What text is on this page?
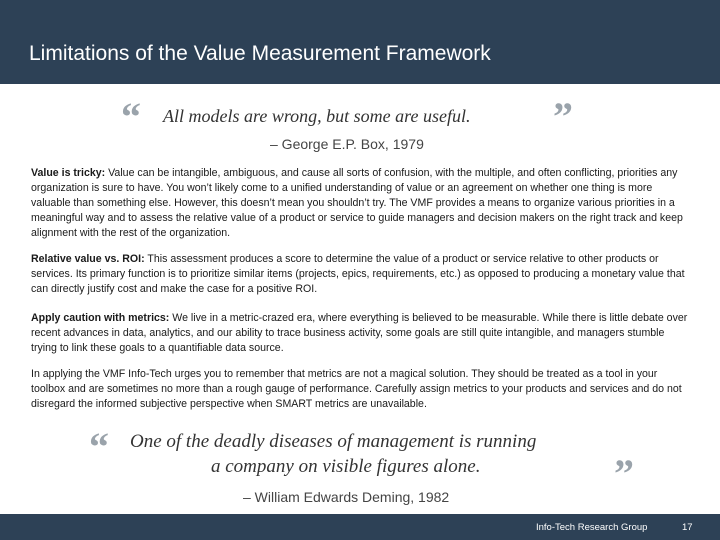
Limitations of the Value Measurement Framework
“ All models are wrong, but some are useful. ”
– George E.P. Box, 1979
Value is tricky: Value can be intangible, ambiguous, and cause all sorts of confusion, with the multiple, and often conflicting, priorities any organization is sure to have. You won’t likely come to a unified understanding of value or an agreement on whether one thing is more valuable than something else. However, this doesn’t mean you shouldn’t try. The VMF provides a means to organize various priorities in a meaningful way and to assess the relative value of a product or service to guide managers and decision makers on the right track and keep alignment with the rest of the organization.
Relative value vs. ROI: This assessment produces a score to determine the value of a product or service relative to other products or services. Its primary function is to prioritize similar items (projects, epics, requirements, etc.) as opposed to producing a monetary value that can directly justify cost and make the case for a positive ROI.
Apply caution with metrics: We live in a metric-crazed era, where everything is believed to be measurable. While there is little debate over recent advances in data, analytics, and our ability to trace business activity, some goals are still quite intangible, and managers stumble trying to link these goals to a quantifiable data source.
In applying the VMF Info-Tech urges you to remember that metrics are not a magical solution. They should be treated as a tool in your toolbox and are sometimes no more than a rough gauge of performance. Carefully assign metrics to your products and services and do not disregard the informed subjective perspective when SMART metrics are unavailable.
“ One of the deadly diseases of management is running
a company on visible figures alone.	”
– William Edwards Deming, 1982
Info-Tech Research Group	17
